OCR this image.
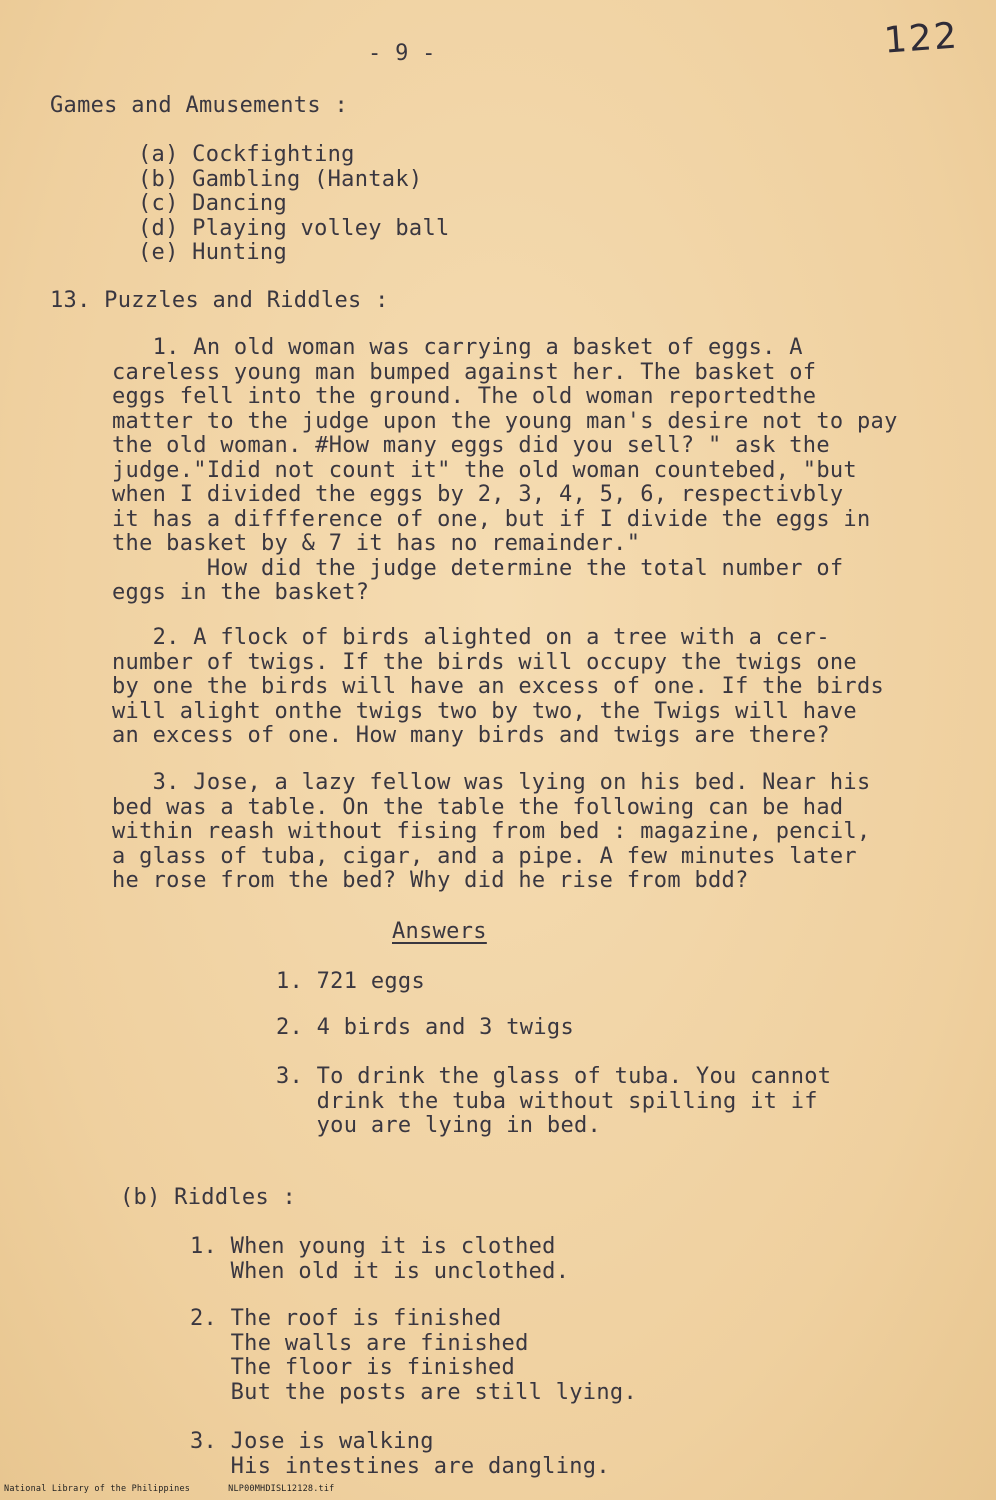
122
- 9 -
Games and Amusements :
(a) Cockfighting
(b) Gambling (Hantak)
(c) Dancing
(d) Playing volley ball
(e) Hunting
13. Puzzles and Riddles :
1. An old woman was carrying a basket of eggs. A
careless young man bumped against her. The basket of
eggs fell into the ground. The old woman reportedthe
matter to the judge upon the young man's desire not to pay
the old woman. #How many eggs did you sell? " ask the
judge."Idid not count it" the old woman countebed, "but
when I divided the eggs by 2, 3, 4, 5, 6, respectivbly
it has a diffference of one, but if I divide the eggs in
the basket by & 7 it has no remainder."
How did the judge determine the total number of
eggs in the basket?
2. A flock of birds alighted on a tree with a cer-
number of twigs. If the birds will occupy the twigs one
by one the birds will have an excess of one. If the birds
will alight onthe twigs two by two, the Twigs will have
an excess of one. How many birds and twigs are there?
3. Jose, a lazy fellow was lying on his bed. Near his
bed was a table. On the table the following can be had
within reash without fising from bed : magazine, pencil,
a glass of tuba, cigar, and a pipe. A few minutes later
he rose from the bed? Why did he rise from bdd?
Answers
1. 721 eggs
2. 4 birds and 3 twigs
3. To drink the glass of tuba. You cannot
drink the tuba without spilling it if
you are lying in bed.
(b) Riddles :
1. When young it is clothed
When old it is unclothed.
2. The roof is finished
The walls are finished
The floor is finished
But the posts are still lying.
3. Jose is walking
His intestines are dangling.
National Library of the Philippines	NLP00MHDISL12128.tif
